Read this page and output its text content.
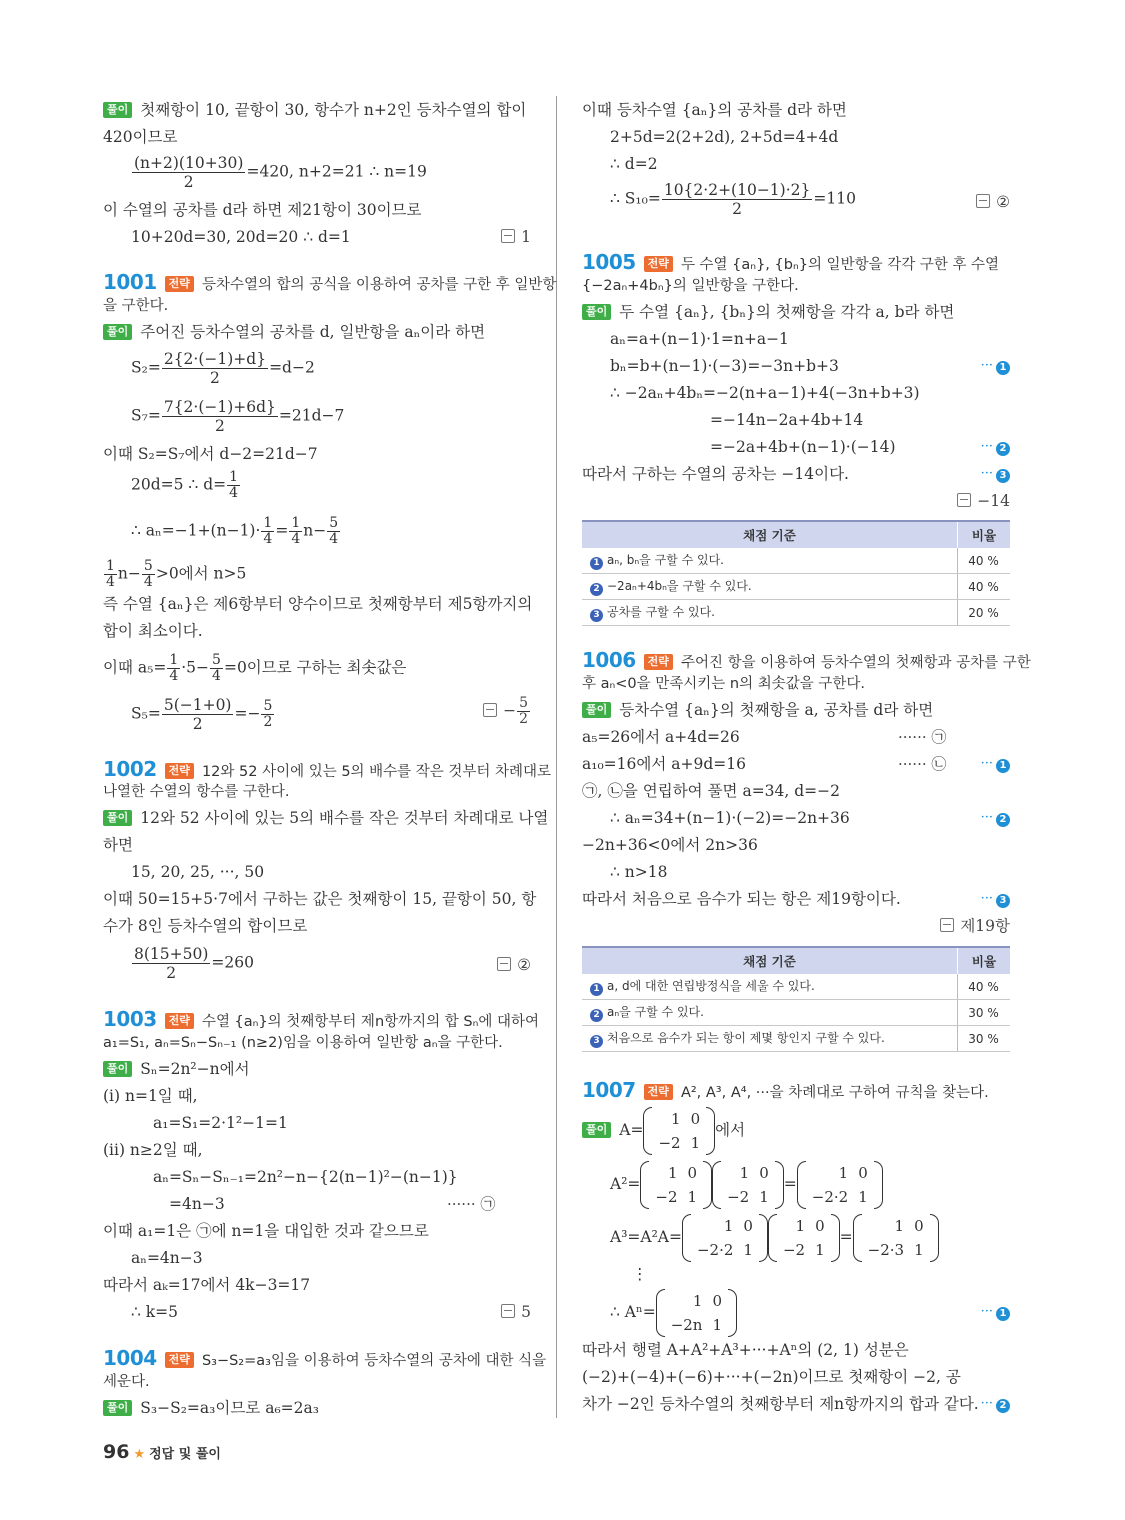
풀이 첫째항이 10, 끝항이 30, 항수가 n+2인 등차수열의 합이
420이므로
$\frac{(n+2)(10+30)}{2} =420$, n+2=21 ∴ n=19
이 수열의 공차를 d라 하면 제21항이 30이므로
10+20d=30, 20d=20 ∴ d=1	1
1001 전략 등차수열의 합의 공식을 이용하여 공차를 구한 후 일반항
을 구한다.
풀이 주어진 등차수열의 공차를 d, 일반항을 aₙ이라 하면
$S_2= \frac{2\{2\cdot(-1)+d\}}{2} =d-2$
$S_7= \frac{7\{2\cdot(-1)+6d\}}{2} =21d-7$
이때 S₂=S₇에서 d−2=21d−7
20d=5 ∴ $d= \frac{1}{4}$
∴ $a_n=-1+(n-1)\cdot \frac{1}{4} = \frac{1}{4} n- \frac{5}{4}$
$\frac{1}{4} n- \frac{5}{4} >0$에서 n>5
즉 수열 {aₙ}은 제6항부터 양수이므로 첫째항부터 제5항까지의
합이 최소이다.
이때 $a_5= \frac{1}{4} \cdot 5- \frac{5}{4} =0$이므로 구하는 최솟값은
$S_5= \frac{5(-1+0)}{2} =- \frac{5}{2}$	− $\frac{5}{2}$
1002 전략 12와 52 사이에 있는 5의 배수를 작은 것부터 차례대로
나열한 수열의 항수를 구한다.
풀이 12와 52 사이에 있는 5의 배수를 작은 것부터 차례대로 나열
하면
15, 20, 25, ···, 50
이때 50=15+5·7에서 구하는 값은 첫째항이 15, 끝항이 50, 항
수가 8인 등차수열의 합이므로
$\frac{8(15+50)}{2} =260$	②
1003 전략 수열 {aₙ}의 첫째항부터 제n항까지의 합 Sₙ에 대하여
a₁=S₁, aₙ=Sₙ−Sₙ₋₁ (n≥2)임을 이용하여 일반항 aₙ을 구한다.
풀이 Sₙ=2n²−n에서
(i) n=1일 때,
a₁=S₁=2·1²−1=1
(ii) n≥2일 때,
aₙ=Sₙ−Sₙ₋₁=2n²−n−{2(n−1)²−(n−1)}
=4n−3	······ ㉠
이때 a₁=1은 ㉠에 n=1을 대입한 것과 같으므로
aₙ=4n−3
따라서 aₖ=17에서 4k−3=17
∴ k=5	5
1004 전략 S₃−S₂=a₃임을 이용하여 등차수열의 공차에 대한 식을
세운다.
풀이 S₃−S₂=a₃이므로 a₆=2a₃
이때 등차수열 {aₙ}의 공차를 d라 하면
2+5d=2(2+2d), 2+5d=4+4d
∴ d=2
∴ $S_{10}= \frac{10\{2\cdot 2+(10-1)\cdot 2\}}{2} =110$	②
1005 전략 두 수열 {aₙ}, {bₙ}의 일반항을 각각 구한 후 수열
{−2aₙ+4bₙ}의 일반항을 구한다.
풀이 두 수열 {aₙ}, {bₙ}의 첫째항을 각각 a, b라 하면
aₙ=a+(n−1)·1=n+a−1
bₙ=b+(n−1)·(−3)=−3n+b+3	··· 1
∴ −2aₙ+4bₙ=−2(n+a−1)+4(−3n+b+3)
=−14n−2a+4b+14
=−2a+4b+(n−1)·(−14)	··· 2
따라서 구하는 수열의 공차는 −14이다.	··· 3
−14
채점 기준	비율
1 aₙ, bₙ을 구할 수 있다.	40 %
2 −2aₙ+4bₙ을 구할 수 있다.	40 %
3 공차를 구할 수 있다.	20 %
1006 전략 주어진 항을 이용하여 등차수열의 첫째항과 공차를 구한
후 aₙ<0을 만족시키는 n의 최솟값을 구한다.
풀이 등차수열 {aₙ}의 첫째항을 a, 공차를 d라 하면
a₅=26에서 a+4d=26	······ ㉠
a₁₀=16에서 a+9d=16	······ ㉡	··· 1
㉠, ㉡을 연립하여 풀면 a=34, d=−2
∴ aₙ=34+(n−1)·(−2)=−2n+36	··· 2
−2n+36<0에서 2n>36
∴ n>18
따라서 처음으로 음수가 되는 항은 제19항이다.	··· 3
제19항
채점 기준	비율
1 a, d에 대한 연립방정식을 세울 수 있다.	40 %
2 aₙ을 구할 수 있다.	30 %
3 처음으로 음수가 되는 항이 제몇 항인지 구할 수 있다.	30 %
1007 전략 A², A³, A⁴, ···을 차례대로 구하여 규칙을 찾는다.
풀이 A=
1	0
−2	1
에서
A²=
1	0
−2	1
1	0
−2	1
=
1	0
−2·2	1
A³=A²A=
1	0
−2·2	1
1	0
−2	1
=
1	0
−2·3	1
⋮
∴ Aⁿ=
1	0
−2n	1
··· 1
따라서 행렬 A+A²+A³+···+Aⁿ의 (2, 1) 성분은
(−2)+(−4)+(−6)+···+(−2n)이므로 첫째항이 −2, 공
차가 −2인 등차수열의 첫째항부터 제n항까지의 합과 같다. ··· 2
96 ★ 정답 및 풀이
